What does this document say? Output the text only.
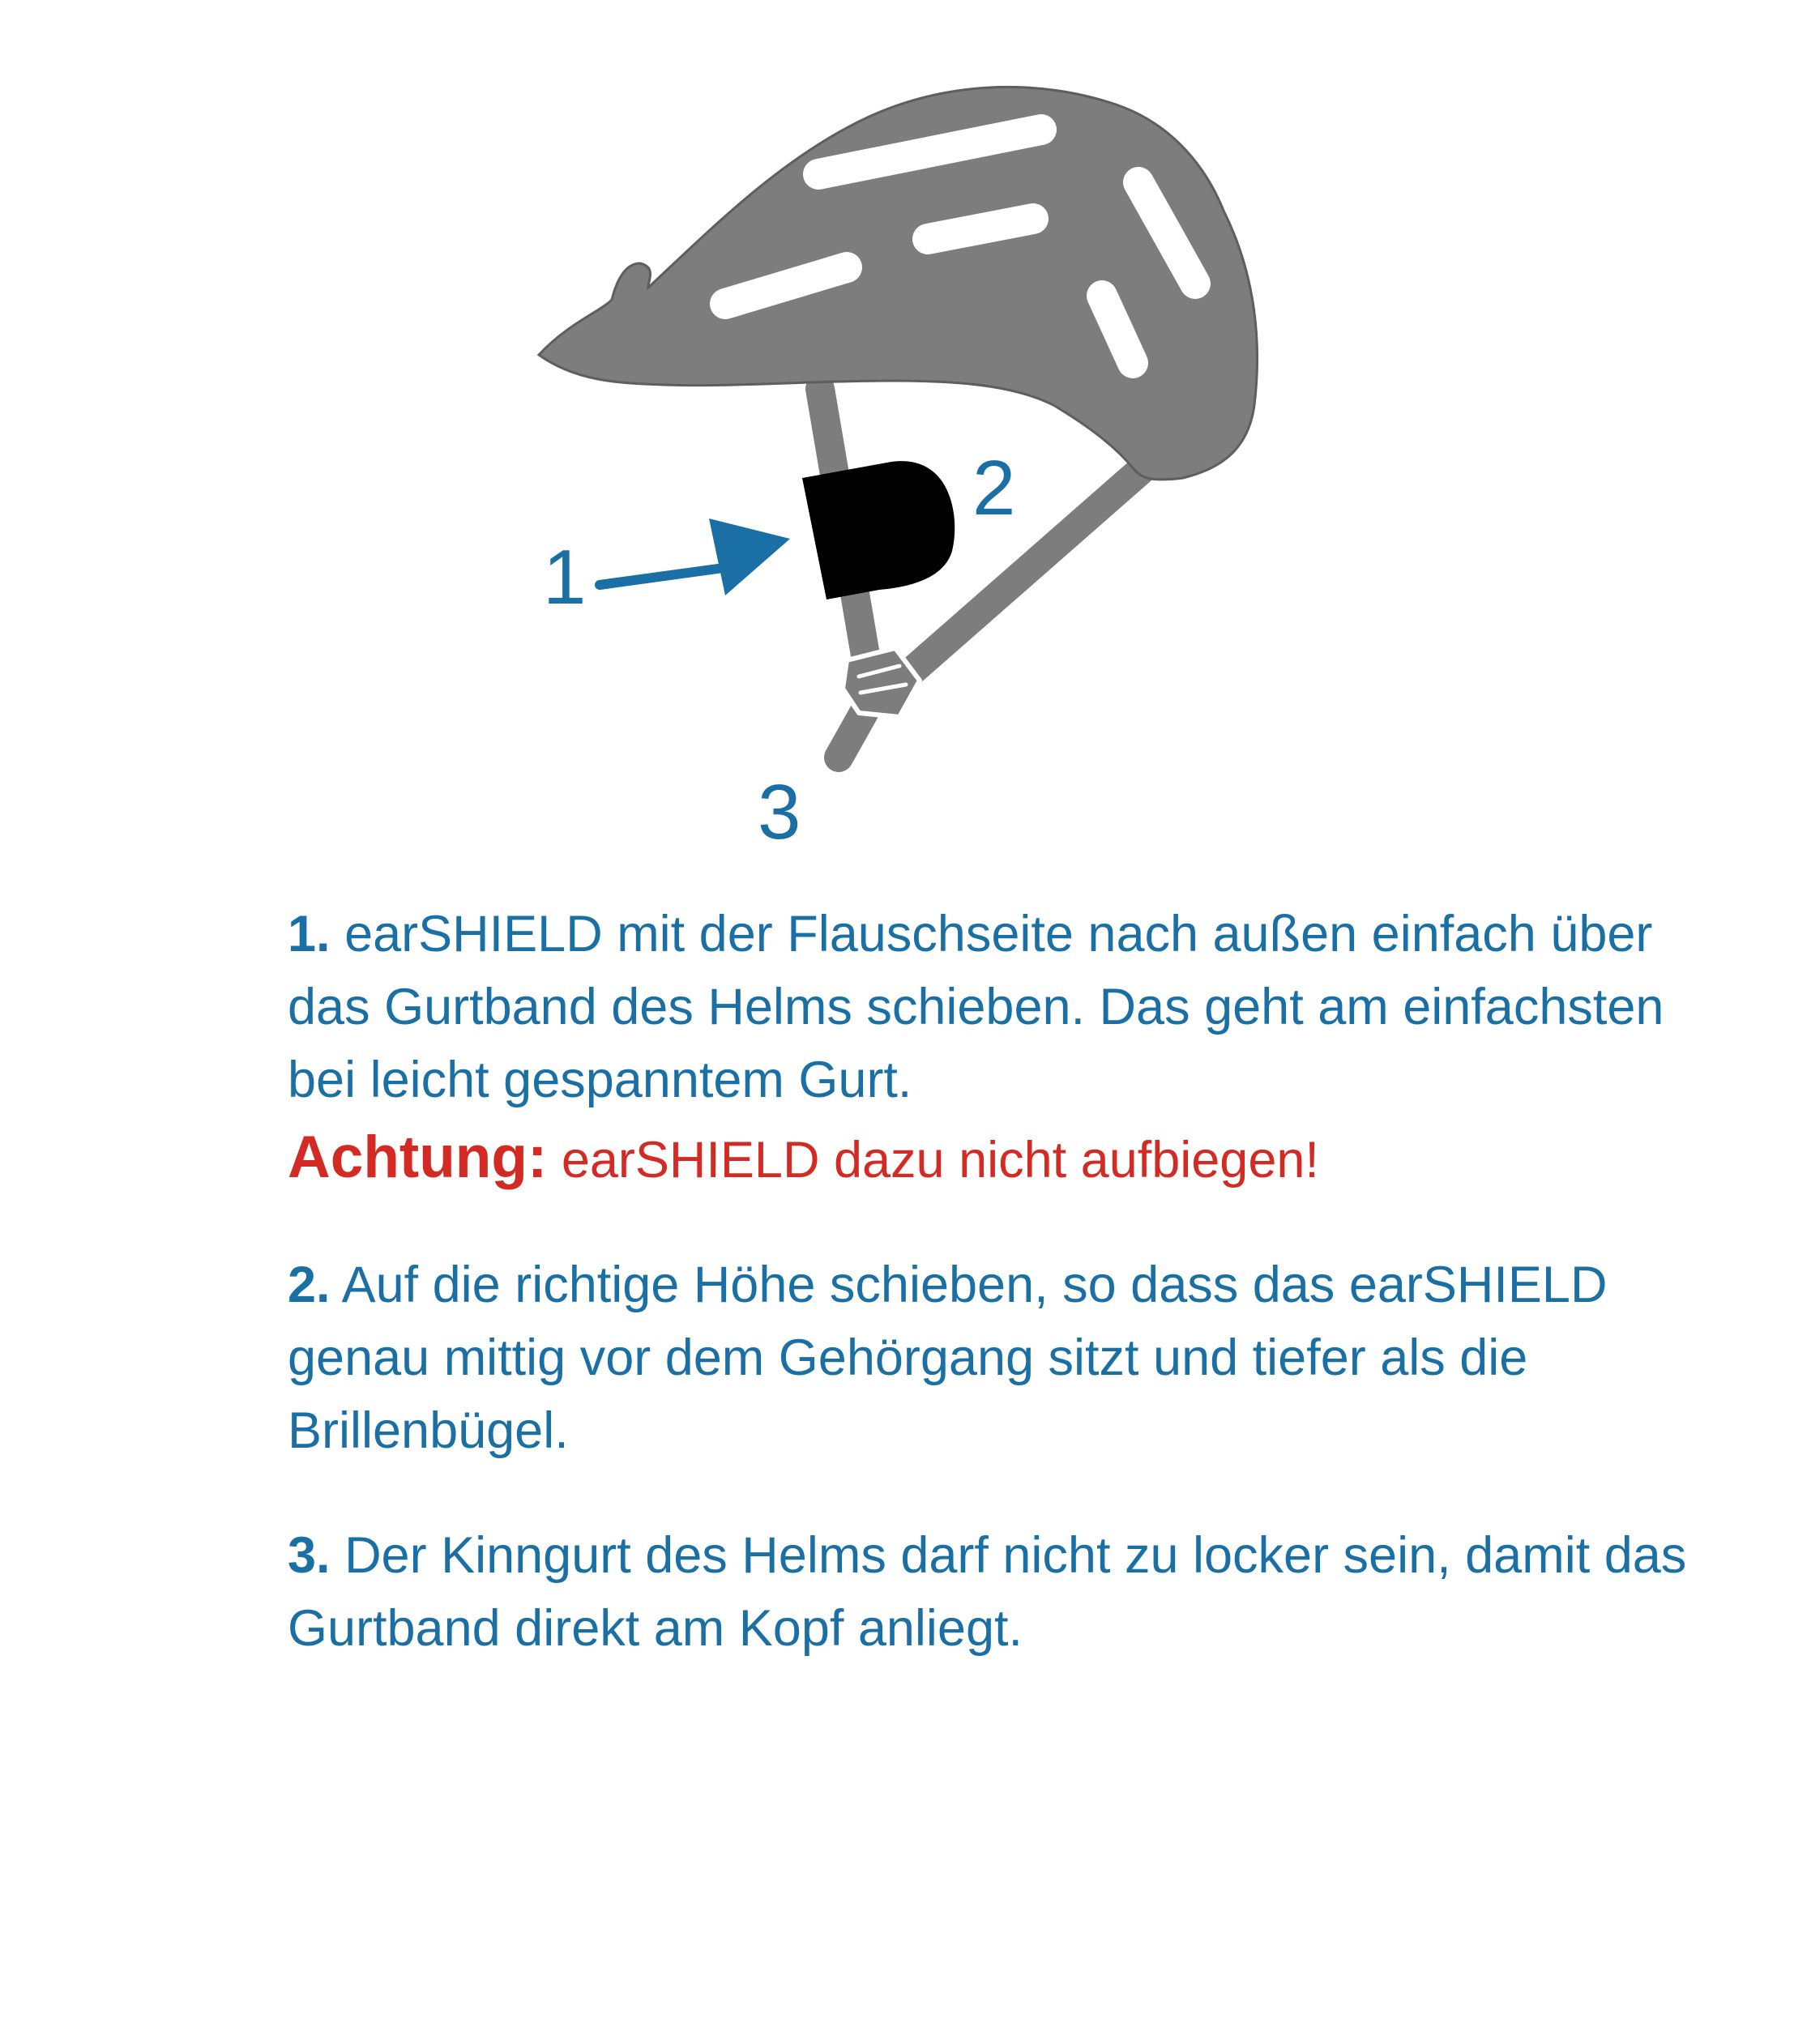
1
2
3

1. earSHIELD mit der Flauschseite nach außen einfach über das Gurtband des Helms schieben. Das geht am einfachsten bei leicht gespanntem Gurt.

Achtung: earSHIELD dazu nicht aufbiegen!

2. Auf die richtige Höhe schieben, so dass das earSHIELD genau mittig vor dem Gehörgang sitzt und tiefer als die Brillenbügel.

3. Der Kinngurt des Helms darf nicht zu locker sein, damit das Gurtband direkt am Kopf anliegt.
